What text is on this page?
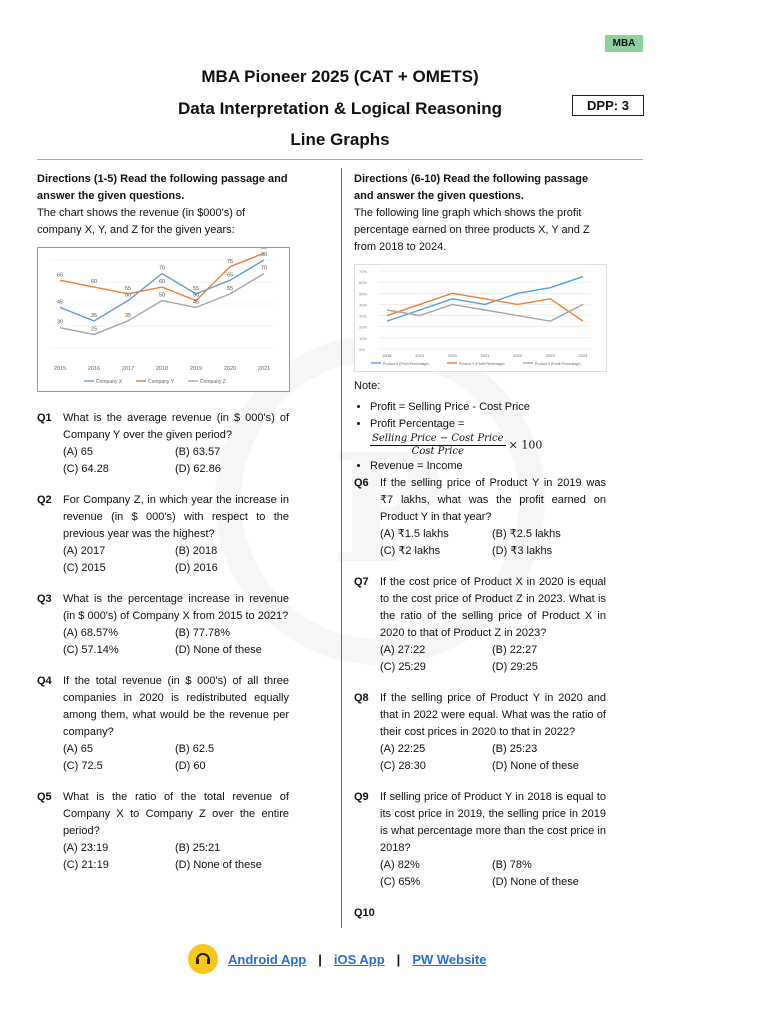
MBA
MBA Pioneer 2025 (CAT + OMETS)
Data Interpretation & Logical Reasoning
Line Graphs
DPP: 3
Directions (1-5) Read the following passage and answer the given questions.
The chart shows the revenue (in $000's) of company X, Y, and Z for the given years:
45
35
50
70
55
65
80
65
60
55
60
50
75
85
30
25
35
50
45
55
70
2015	2016	2017	2018	2019	2020	2021
Company X	Company Y	Company Z
Q1 What is the average revenue (in $ 000's) of Company Y over the given period?
(A) 65	(B) 63.57
(C) 64.28	(D) 62.86
Q2 For Company Z, in which year the increase in revenue (in $ 000's) with respect to the previous year was the highest?
(A) 2017	(B) 2018
(C) 2015	(D) 2016
Q3 What is the percentage increase in revenue (in $ 000's) of Company X from 2015 to 2021?
(A) 68.57%	(B) 77.78%
(C) 57.14%	(D) None of these
Q4 If the total revenue (in $ 000's) of all three companies in 2020 is redistributed equally among them, what would be the revenue per company?
(A) 65	(B) 62.5
(C) 72.5	(D) 60
Q5 What is the ratio of the total revenue of Company X to Company Z over the entire period?
(A) 23:19	(B) 25:21
(C) 21:19	(D) None of these
Directions (6-10) Read the following passage and answer the given questions.
The following line graph which shows the profit percentage earned on three products X, Y and Z from 2018 to 2024.
0%
10%
20%
30%
40%
50%
60%
70%
2018	2019	2020	2021	2022	2023	2024
Product X (Profit Percentage)	Product Y (Profit Percentage)	Product Z (Profit Percentage)
Note:
• Profit = Selling Price - Cost Price
• Profit Percentage =

$\frac{\text{Selling Price − Cost Price}}{\text{Cost Price}} \times 100$
• Revenue = Income
Q6 If the selling price of Product Y in 2019 was ₹7 lakhs, what was the profit earned on Product Y in that year?
(A) ₹1.5 lakhs	(B) ₹2.5 lakhs
(C) ₹2 lakhs	(D) ₹3 lakhs
Q7 If the cost price of Product X in 2020 is equal to the cost price of Product Z in 2023. What is the ratio of the selling price of Product X in 2020 to that of Product Z in 2023?
(A) 27:22	(B) 22:27
(C) 25:29	(D) 29:25
Q8 If the selling price of Product Y in 2020 and that in 2022 were equal. What was the ratio of their cost prices in 2020 to that in 2022?
(A) 22:25	(B) 25:23
(C) 28:30	(D) None of these
Q9 If selling price of Product Y in 2018 is equal to its cost price in 2019, the selling price in 2019 is what percentage more than the cost price in 2018?
(A) 82%	(B) 78%
(C) 65%	(D) None of these
Q10
Android App | iOS App | PW Website
